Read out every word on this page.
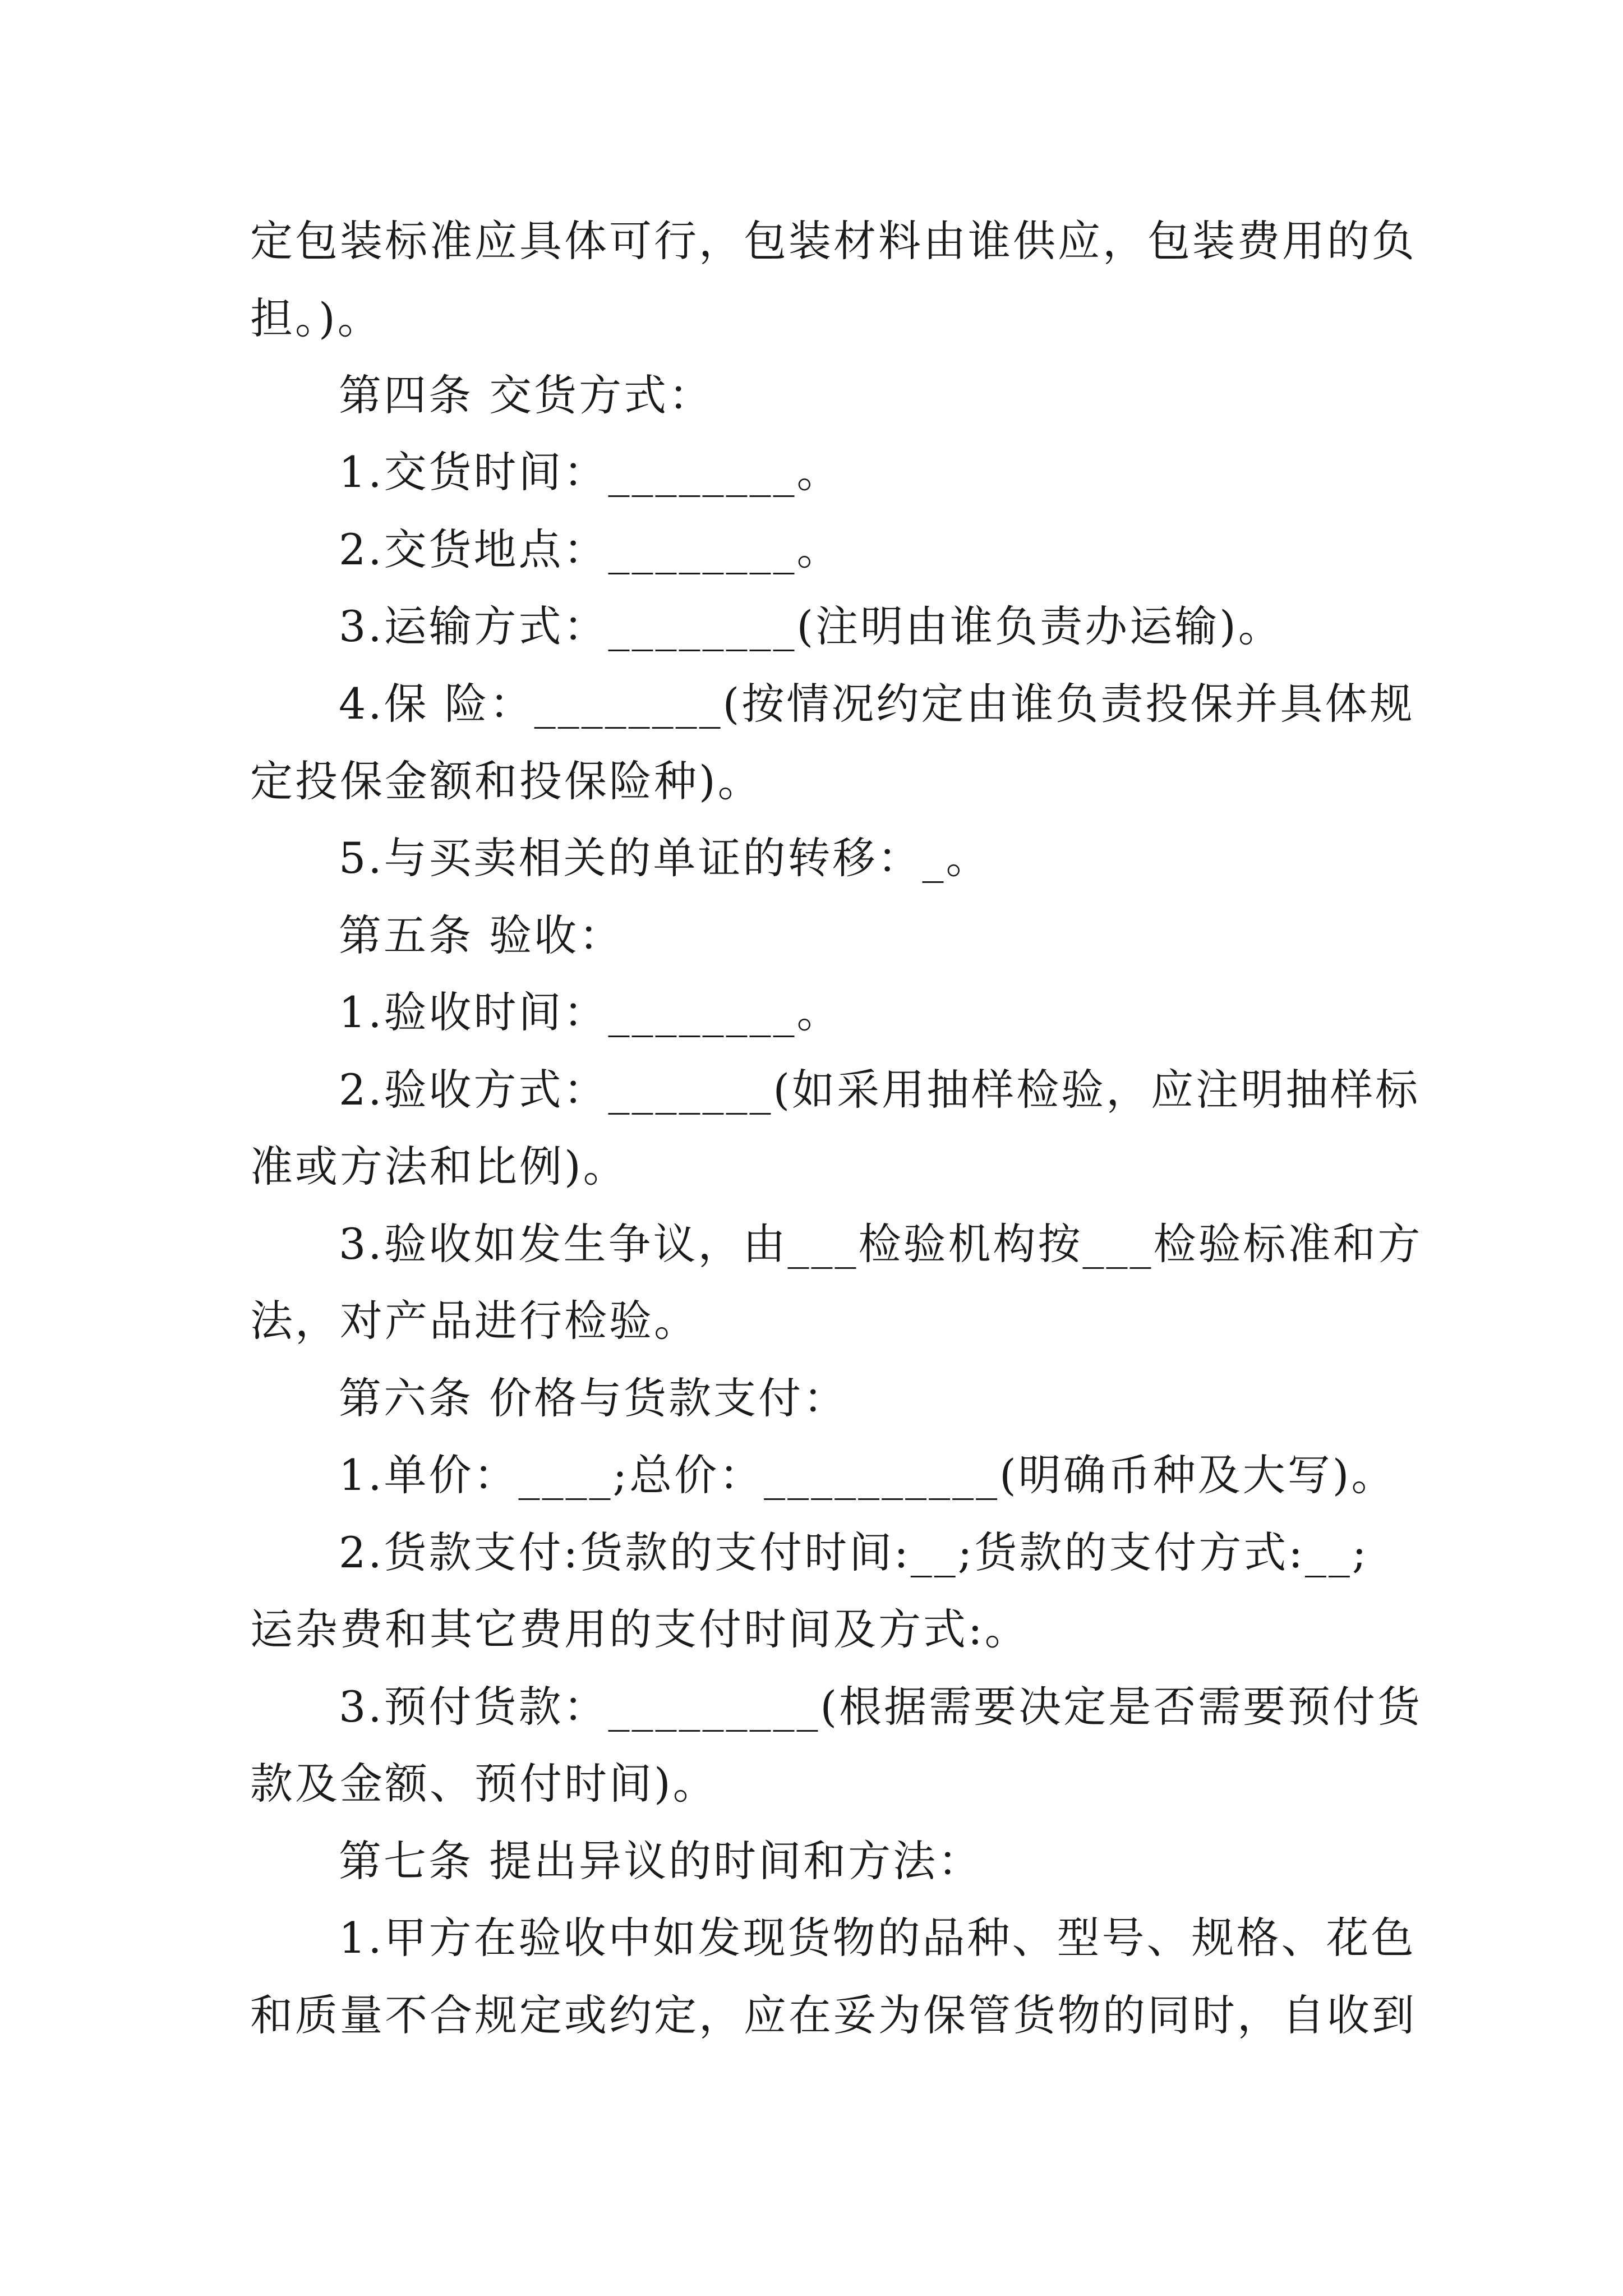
定包装标准应具体可行，包装材料由谁供应，包装费用的负
担。)。
第四条 交货方式：
1.交货时间：________。
2.交货地点：________。
3.运输方式：________(注明由谁负责办运输)。
4.保 险：________(按情况约定由谁负责投保并具体规
定投保金额和投保险种)。
5.与买卖相关的单证的转移：_。
第五条 验收：
1.验收时间：________。
2.验收方式：_______(如采用抽样检验，应注明抽样标
准或方法和比例)。
3.验收如发生争议，由___检验机构按___检验标准和方
法，对产品进行检验。
第六条 价格与货款支付：
1.单价：____;总价：__________(明确币种及大写)。
2.货款支付:货款的支付时间:__;货款的支付方式:__;
运杂费和其它费用的支付时间及方式:。
3.预付货款：_________(根据需要决定是否需要预付货
款及金额、预付时间)。
第七条 提出异议的时间和方法：
1.甲方在验收中如发现货物的品种、型号、规格、花色
和质量不合规定或约定，应在妥为保管货物的同时，自收到
